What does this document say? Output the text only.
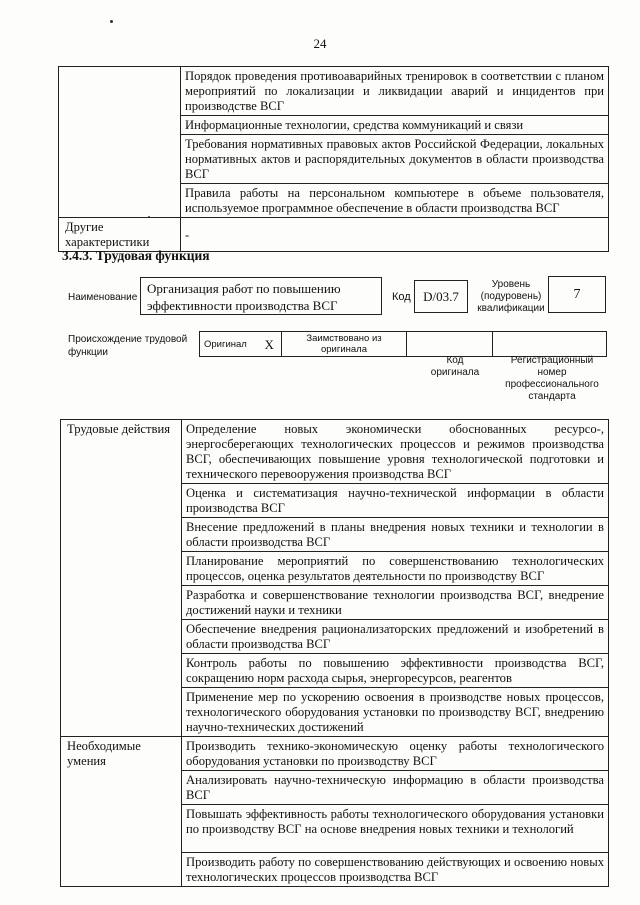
24
	Порядок проведения противоаварийных тренировок в соответствии с планом мероприятий по локализации и ликвидации аварий и инцидентов при производстве ВСГ
	Информационные технологии, средства коммуникаций и связи
	Требования нормативных правовых актов Российской Федерации, локальных нормативных актов и распорядительных документов в области производства ВСГ
	Правила работы на персональном компьютере в объеме пользователя, используемое программное обеспечение в области производства ВСГ
Другие характеристики	-
3.4.3. Трудовая функция
Наименование
Организация работ по повышению эффективности производства ВСГ
Код D/03.7
Уровень (подуровень) квалификации
7
Происхождение трудовой функции
Оригинал	X	Заимствовано из оригинала		
Код оригинала
Регистрационный номер профессионального стандарта
Трудовые действия	Определение новых экономически обоснованных ресурсо-, энергосберегающих технологических процессов и режимов производства ВСГ, обеспечивающих повышение уровня технологической подготовки и технического перевооружения производства ВСГ
	Оценка и систематизация научно-технической информации в области производства ВСГ
	Внесение предложений в планы внедрения новых техники и технологии в области производства ВСГ
	Планирование мероприятий по совершенствованию технологических процессов, оценка результатов деятельности по производству ВСГ
	Разработка и совершенствование технологии производства ВСГ, внедрение достижений науки и техники
	Обеспечение внедрения рационализаторских предложений и изобретений в области производства ВСГ
	Контроль работы по повышению эффективности производства ВСГ, сокращению норм расхода сырья, энергоресурсов, реагентов
	Применение мер по ускорению освоения в производстве новых процессов, технологического оборудования установки по производству ВСГ, внедрению научно-технических достижений
Необходимые умения	Производить технико-экономическую оценку работы технологического оборудования установки по производству ВСГ
	Анализировать научно-техническую информацию в области производства ВСГ
	Повышать эффективность работы технологического оборудования установки по производству ВСГ на основе внедрения новых техники и технологий
	Производить работу по совершенствованию действующих и освоению новых технологических процессов производства ВСГ
